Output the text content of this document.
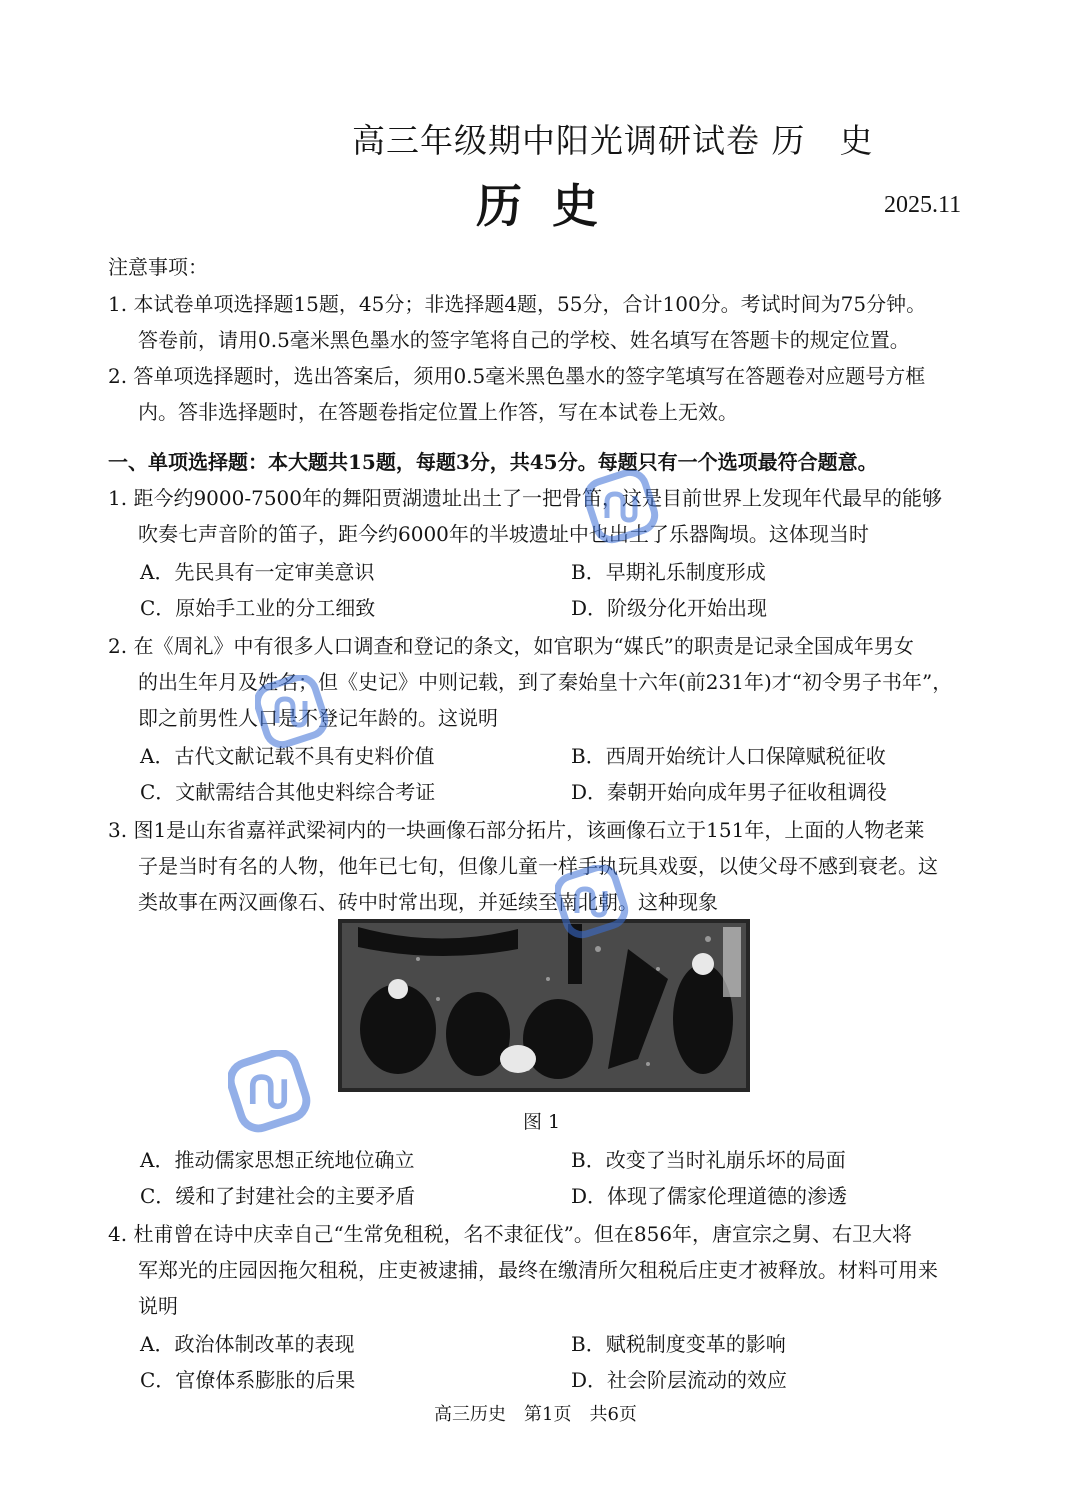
高三年级期中阳光调研试卷 历　史
历史	2025.11
注意事项：
1. 本试卷单项选择题15题，45分；非选择题4题，55分，合计100分。考试时间为75分钟。
答卷前，请用0.5毫米黑色墨水的签字笔将自己的学校、姓名填写在答题卡的规定位置。
2. 答单项选择题时，选出答案后，须用0.5毫米黑色墨水的签字笔填写在答题卷对应题号方框
内。答非选择题时，在答题卷指定位置上作答，写在本试卷上无效。
一、单项选择题：本大题共15题，每题3分，共45分。每题只有一个选项最符合题意。
1. 距今约9000-7500年的舞阳贾湖遗址出土了一把骨笛，这是目前世界上发现年代最早的能够
吹奏七声音阶的笛子，距今约6000年的半坡遗址中也出土了乐器陶埙。这体现当时
A．先民具有一定审美意识	B．早期礼乐制度形成
C．原始手工业的分工细致	D．阶级分化开始出现
2. 在《周礼》中有很多人口调查和登记的条文，如官职为“媒氏”的职责是记录全国成年男女
的出生年月及姓名；但《史记》中则记载，到了秦始皇十六年(前231年)才“初令男子书年”，
即之前男性人口是不登记年龄的。这说明
A．古代文献记载不具有史料价值	B．西周开始统计人口保障赋税征收
C．文献需结合其他史料综合考证	D．秦朝开始向成年男子征收租调役
3. 图1是山东省嘉祥武梁祠内的一块画像石部分拓片，该画像石立于151年，上面的人物老莱
子是当时有名的人物，他年已七旬，但像儿童一样手执玩具戏耍，以使父母不感到衰老。这
类故事在两汉画像石、砖中时常出现，并延续至南北朝。这种现象
图 1
A．推动儒家思想正统地位确立	B．改变了当时礼崩乐坏的局面
C．缓和了封建社会的主要矛盾	D．体现了儒家伦理道德的渗透
4. 杜甫曾在诗中庆幸自己“生常免租税，名不隶征伐”。但在856年，唐宣宗之舅、右卫大将
军郑光的庄园因拖欠租税，庄吏被逮捕，最终在缴清所欠租税后庄吏才被释放。材料可用来
说明
A．政治体制改革的表现	B．赋税制度变革的影响
C．官僚体系膨胀的后果	D．社会阶层流动的效应
高三历史　第1页　共6页
